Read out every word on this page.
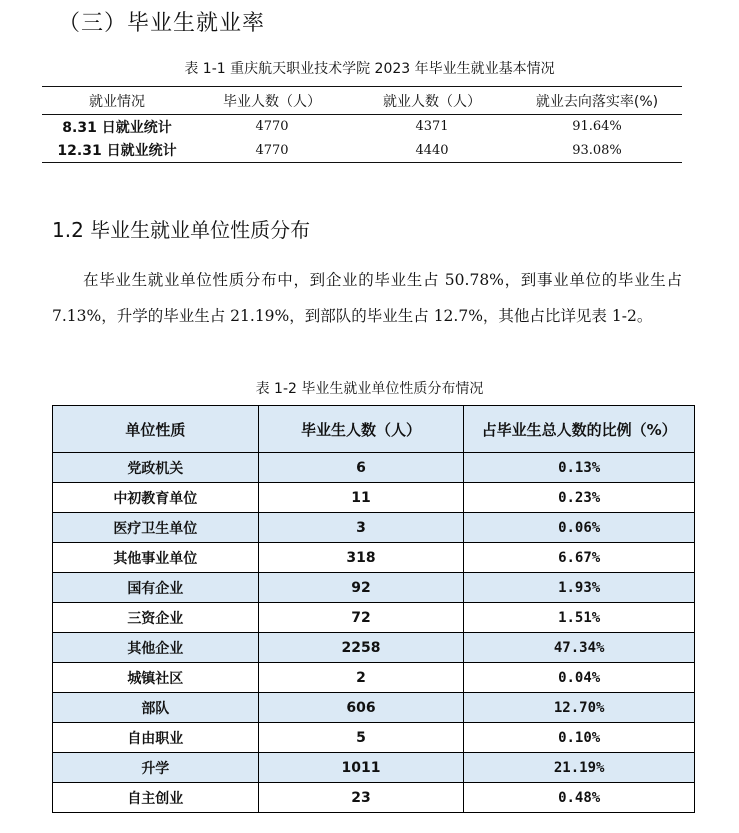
（三）毕业生就业率

表 1-1 重庆航天职业技术学院 2023 年毕业生就业基本情况

就业情况	毕业人数（人）	就业人数（人）	就业去向落实率(%)
8.31 日就业统计	4770	4371	91.64%
12.31 日就业统计	4770	4440	93.08%
1.2 毕业生就业单位性质分布

在毕业生就业单位性质分布中，到企业的毕业生占 50.78%，到事业单位的毕业生占 7.13%，升学的毕业生占 21.19%，到部队的毕业生占 12.7%，其他占比详见表 1-2。

表 1-2 毕业生就业单位性质分布情况

单位性质	毕业生人数（人）	占毕业生总人数的比例（%）
党政机关	6	0.13%
中初教育单位	11	0.23%
医疗卫生单位	3	0.06%
其他事业单位	318	6.67%
国有企业	92	1.93%
三资企业	72	1.51%
其他企业	2258	47.34%
城镇社区	2	0.04%
部队	606	12.70%
自由职业	5	0.10%
升学	1011	21.19%
自主创业	23	0.48%
